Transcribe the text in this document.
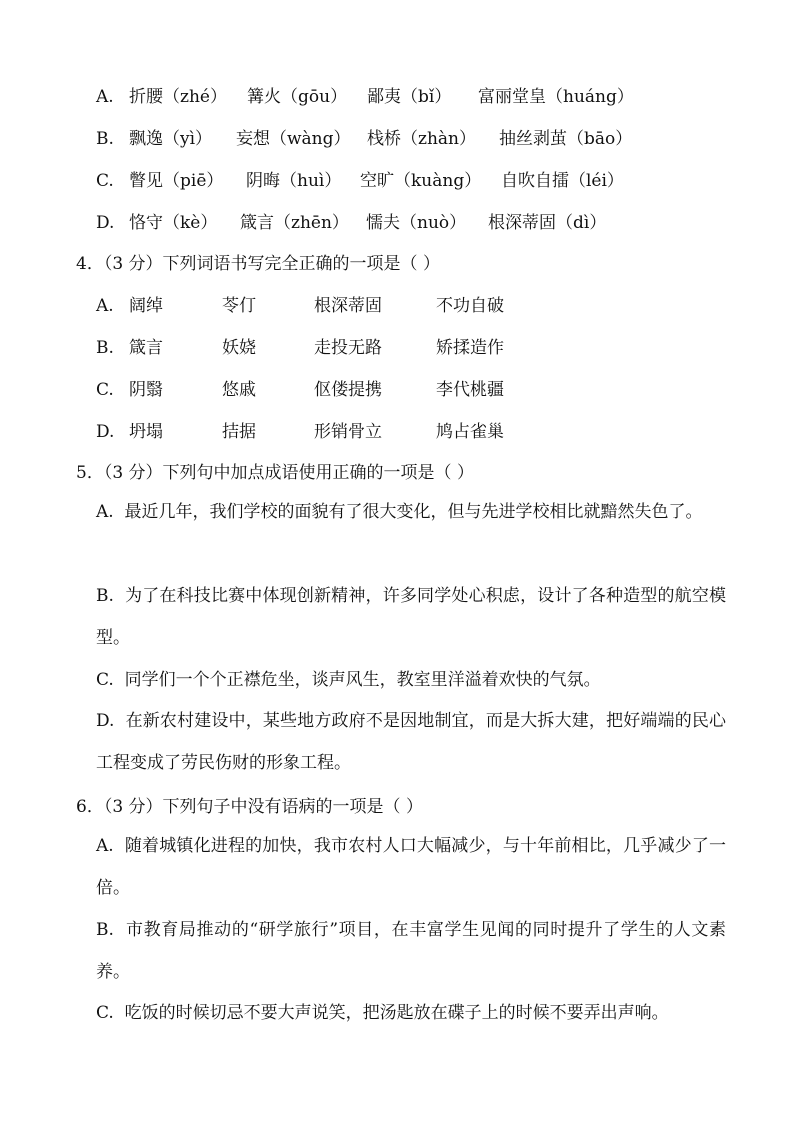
A. 折腰（zhé） 篝火（gōu） 鄙夷（bǐ） 富丽堂皇（huáng）
B. 飘逸（yì） 妄想（wàng） 栈桥（zhàn） 抽丝剥茧（bāo）
C. 瞥见（piē） 阴晦（huì） 空旷（kuàng） 自吹自擂（léi）
D. 恪守（kè） 箴言（zhēn） 懦夫（nuò） 根深蒂固（dì）
4．（3 分）下列词语书写完全正确的一项是（ ）
A. 阔绰	苓仃	根深蒂固	不功自破
B. 箴言	妖娆	走投无路	矫揉造作
C. 阴翳	悠戚	伛偻提携	李代桃疆
D. 坍塌	拮据	形销骨立	鸠占雀巢
5．（3 分）下列句中加点成语使用正确的一项是（ ）
A. 最近几年，我们学校的面貌有了很大变化，但与先进学校相比就黯然失色了。
B. 为了在科技比赛中体现创新精神，许多同学处心积虑，设计了各种造型的航空模型。
C. 同学们一个个正襟危坐，谈声风生，教室里洋溢着欢快的气氛。
D. 在新农村建设中，某些地方政府不是因地制宜，而是大拆大建，把好端端的民心工程变成了劳民伤财的形象工程。
6．（3 分）下列句子中没有语病的一项是（ ）
A. 随着城镇化进程的加快，我市农村人口大幅减少，与十年前相比，几乎减少了一倍。
B. 市教育局推动的“研学旅行”项目，在丰富学生见闻的同时提升了学生的人文素养。
C. 吃饭的时候切忌不要大声说笑，把汤匙放在碟子上的时候不要弄出声响。
